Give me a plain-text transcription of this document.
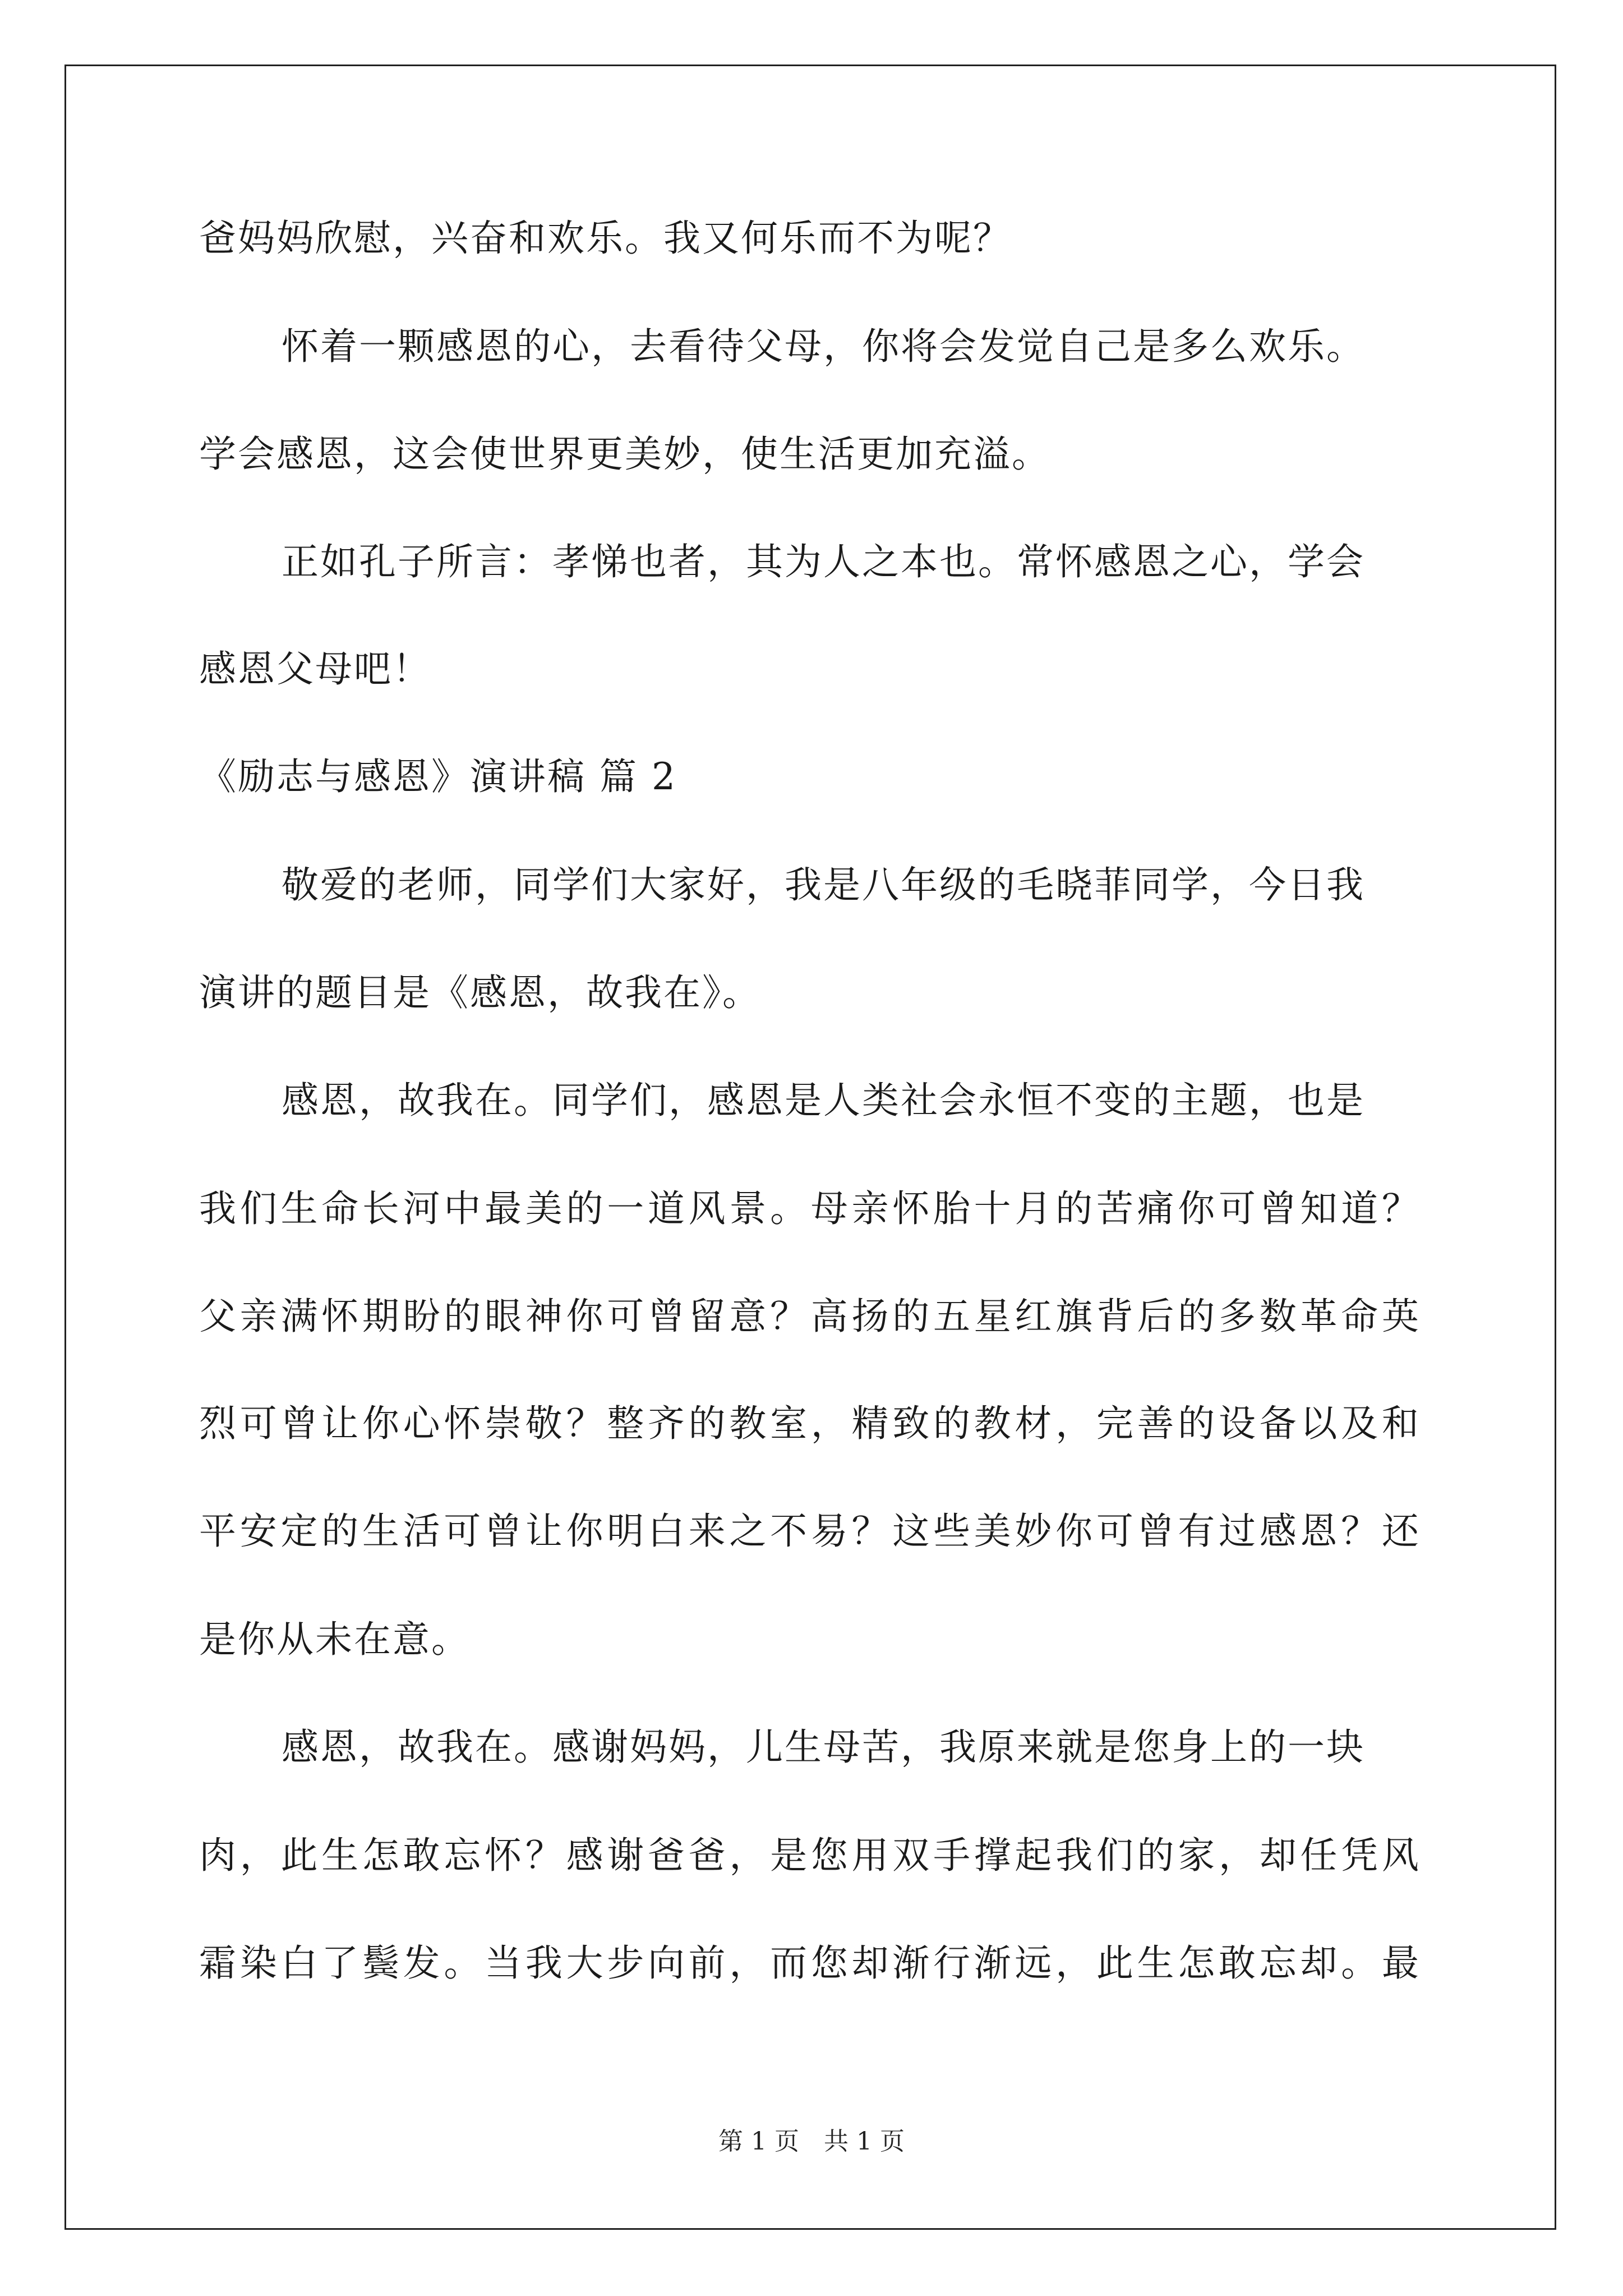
爸妈妈欣慰，兴奋和欢乐。我又何乐而不为呢？
怀着一颗感恩的心，去看待父母，你将会发觉自己是多么欢乐。
学会感恩，这会使世界更美妙，使生活更加充溢。
正如孔子所言：孝悌也者，其为人之本也。常怀感恩之心，学会
感恩父母吧！
《励志与感恩》演讲稿 篇 2
敬爱的老师，同学们大家好，我是八年级的毛晓菲同学，今日我
演讲的题目是《感恩，故我在》。
感恩，故我在。同学们，感恩是人类社会永恒不变的主题，也是
我 们 生 命 长 河 中 最 美 的 一 道 风 景 。 母 亲 怀 胎 十 月 的 苦 痛 你 可 曾 知 道 ？
父 亲 满 怀 期 盼 的 眼 神 你 可 曾 留 意 ？ 高 扬 的 五 星 红 旗 背 后 的 多 数 革 命 英
烈 可 曾 让 你 心 怀 崇 敬 ？ 整 齐 的 教 室 ， 精 致 的 教 材 ， 完 善 的 设 备 以 及 和
平 安 定 的 生 活 可 曾 让 你 明 白 来 之 不 易 ？ 这 些 美 妙 你 可 曾 有 过 感 恩 ？ 还
是你从未在意。
感恩，故我在。感谢妈妈，儿生母苦，我原来就是您身上的一块
肉 ， 此 生 怎 敢 忘 怀 ？ 感 谢 爸 爸 ， 是 您 用 双 手 撑 起 我 们 的 家 ， 却 任 凭 风
霜 染 白 了 鬓 发 。 当 我 大 步 向 前 ， 而 您 却 渐 行 渐 远 ， 此 生 怎 敢 忘 却 。 最
第 1 页　共 1 页
